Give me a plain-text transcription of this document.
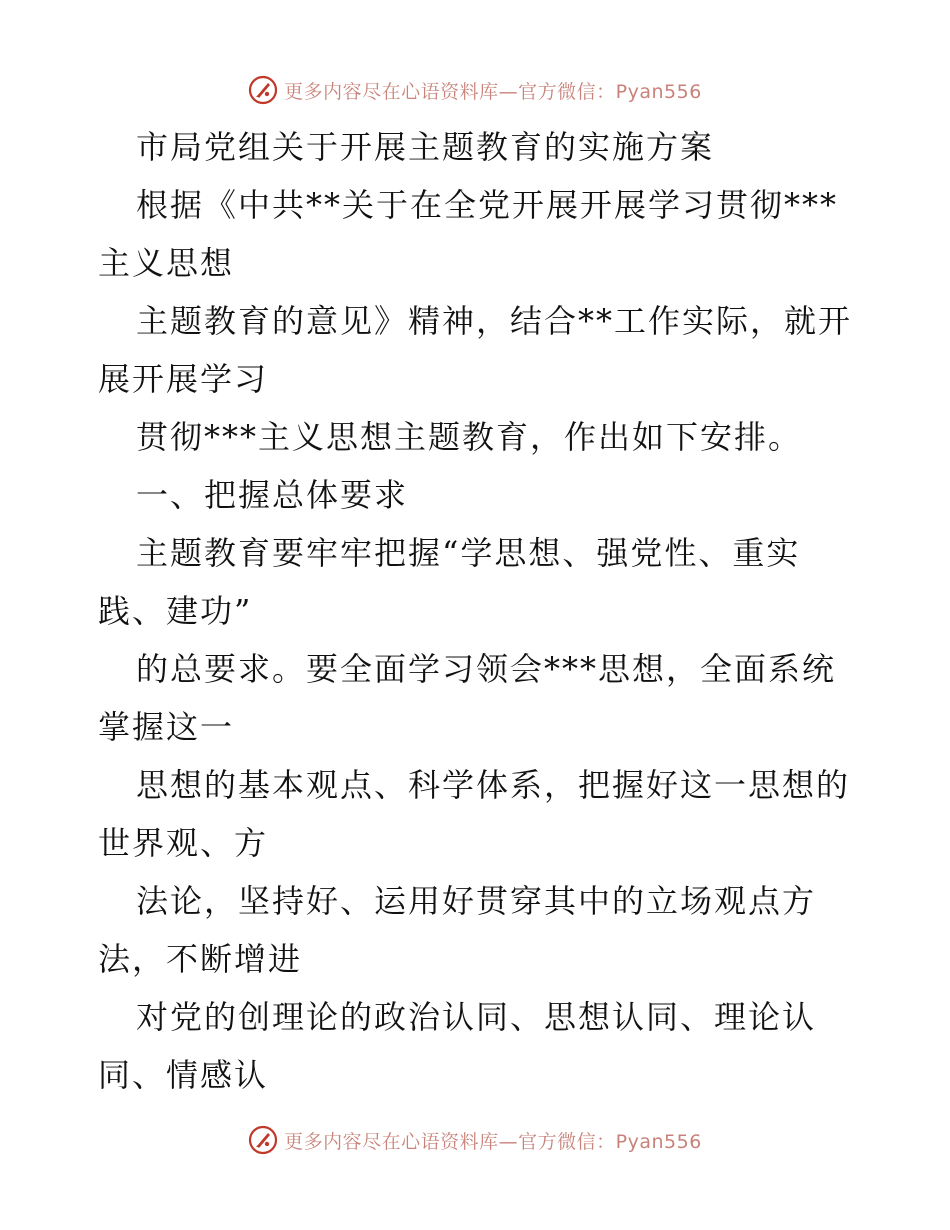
更多内容尽在心语资料库—官方微信：Pyan556
市局党组关于开展主题教育的实施方案
根据《中共**关于在全党开展开展学习贯彻***
主义思想
主题教育的意见》精神，结合**工作实际，就开
展开展学习
贯彻***主义思想主题教育，作出如下安排。
一、把握总体要求
主题教育要牢牢把握“学思想、强党性、重实
践、建功”
的总要求。要全面学习领会***思想，全面系统
掌握这一
思想的基本观点、科学体系，把握好这一思想的
世界观、方
法论，坚持好、运用好贯穿其中的立场观点方
法，不断增进
对党的创理论的政治认同、思想认同、理论认
同、情感认
更多内容尽在心语资料库—官方微信：Pyan556
